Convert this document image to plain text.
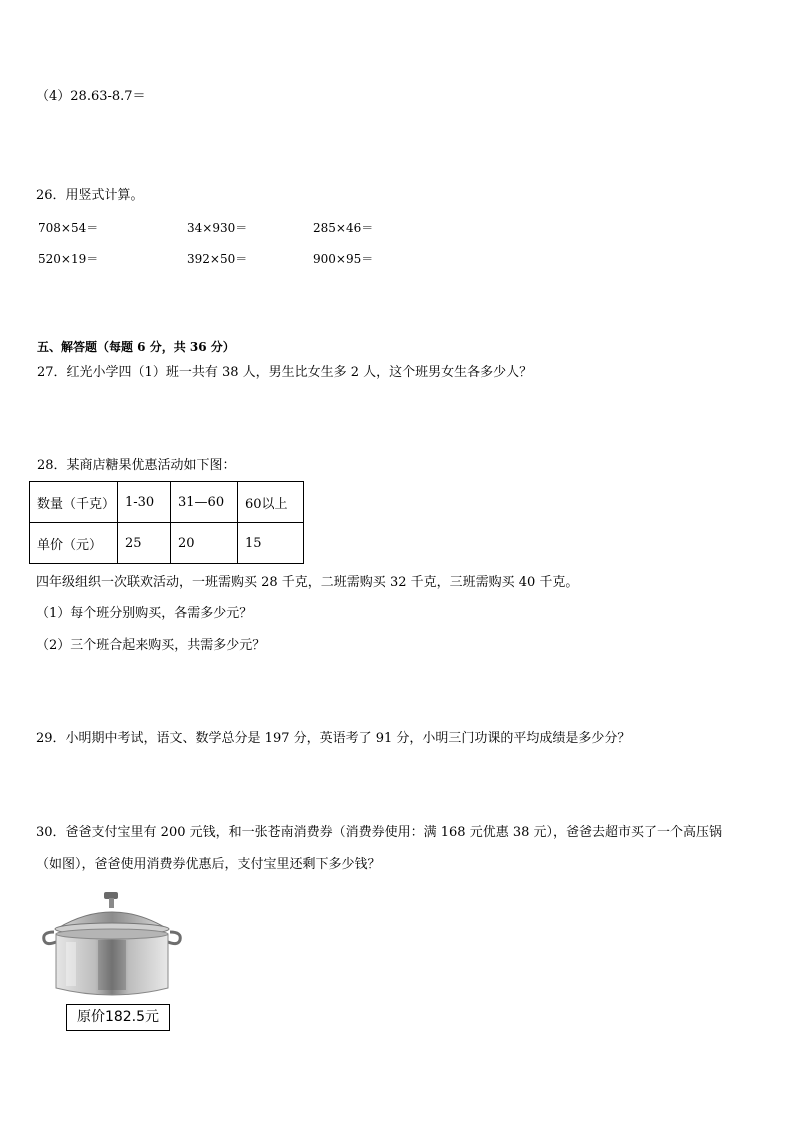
（4）28.63-8.7＝
26．用竖式计算。
708×54＝	34×930＝	285×46＝
520×19＝	392×50＝	900×95＝
五、解答题（每题 6 分，共 36 分）
27．红光小学四（1）班一共有 38 人，男生比女生多 2 人，这个班男女生各多少人？
28．某商店糖果优惠活动如下图：
数量（千克）	1-30	31—60	60以上
单价（元）	25	20	15
四年级组织一次联欢活动，一班需购买 28 千克，二班需购买 32 千克，三班需购买 40 千克。
（1）每个班分别购买，各需多少元？
（2）三个班合起来购买，共需多少元？
29．小明期中考试，语文、数学总分是 197 分，英语考了 91 分，小明三门功课的平均成绩是多少分？
30．爸爸支付宝里有 200 元钱，和一张苍南消费券（消费券使用：满 168 元优惠 38 元），爸爸去超市买了一个高压锅
（如图），爸爸使用消费券优惠后，支付宝里还剩下多少钱？
原价182.5元
